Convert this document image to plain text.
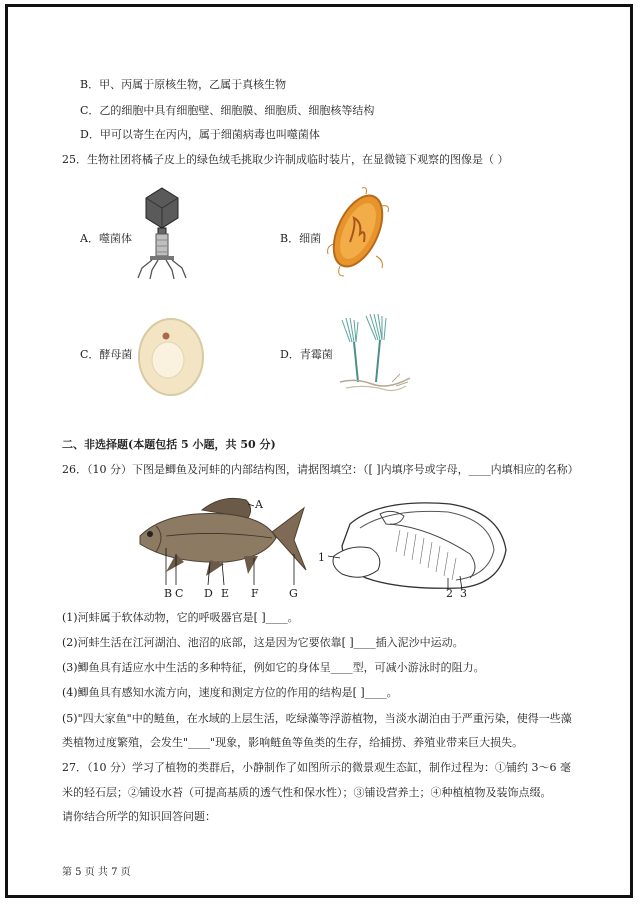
B．甲、丙属于原核生物，乙属于真核生物
C．乙的细胞中具有细胞壁、细胞膜、细胞质、细胞核等结构
D．甲可以寄生在丙内，属于细菌病毒也叫噬菌体
25．生物社团将橘子皮上的绿色绒毛挑取少许制成临时装片，在显微镜下观察的图像是（ ）
A．噬菌体	B．细菌
C．酵母菌	D．青霉菌
二、非选择题(本题包括 5 小题，共 50 分)
26．（10 分）下图是鲫鱼及河蚌的内部结构图，请据图填空：（[ ]内填序号或字母，____内填相应的名称）
A
B C D E F	G
1
2 3
(1)河蚌属于软体动物，它的呼吸器官是[ ]____。
(2)河蚌生活在江河湖泊、池沼的底部，这是因为它要依靠[ ]____插入泥沙中运动。
(3)鲫鱼具有适应水中生活的多种特征，例如它的身体呈____型，可减小游泳时的阻力。
(4)鲫鱼具有感知水流方向，速度和测定方位的作用的结构是[ ]____。
(5)"四大家鱼"中的鲢鱼，在水域的上层生活，吃绿藻等浮游植物，当淡水湖泊由于严重污染，使得一些藻
类植物过度繁殖，会发生"____"现象，影响鲢鱼等鱼类的生存，给捕捞、养殖业带来巨大损失。
27．（10 分）学习了植物的类群后，小静制作了如图所示的微景观生态缸，制作过程为：①铺约 3～6 毫
米的轻石层；②铺设水苔（可提高基质的透气性和保水性）；③铺设营养土；④种植植物及装饰点缀。
请你结合所学的知识回答问题：
第 5 页 共 7 页
